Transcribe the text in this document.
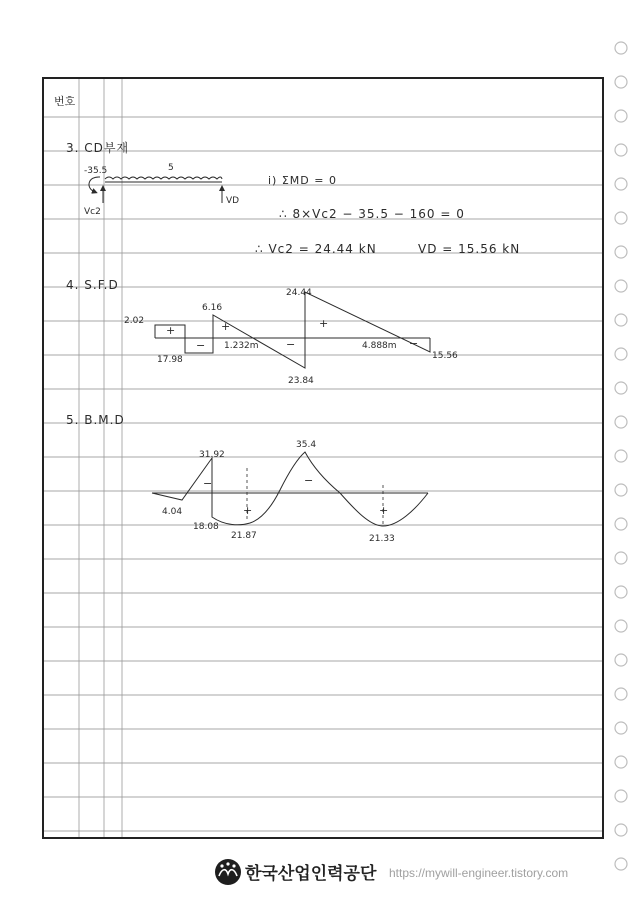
번호
3. CD부재
-35.5	5
Vc2
VD
ⅰ) ΣMD = 0
∴ 8×Vc2 − 35.5 − 160 = 0
∴ Vc2 = 24.44 kN	VD = 15.56 kN
4. S.F.D
2.02
17.98
6.16
1.232m
24.44
23.84
4.888m
15.56
+
−
+
−
+
−
5. B.M.D
4.04
31.92
18.08
21.87
35.4
21.33
−
+
−
+
한국산업인력공단 https://mywill-engineer.tistory.com
